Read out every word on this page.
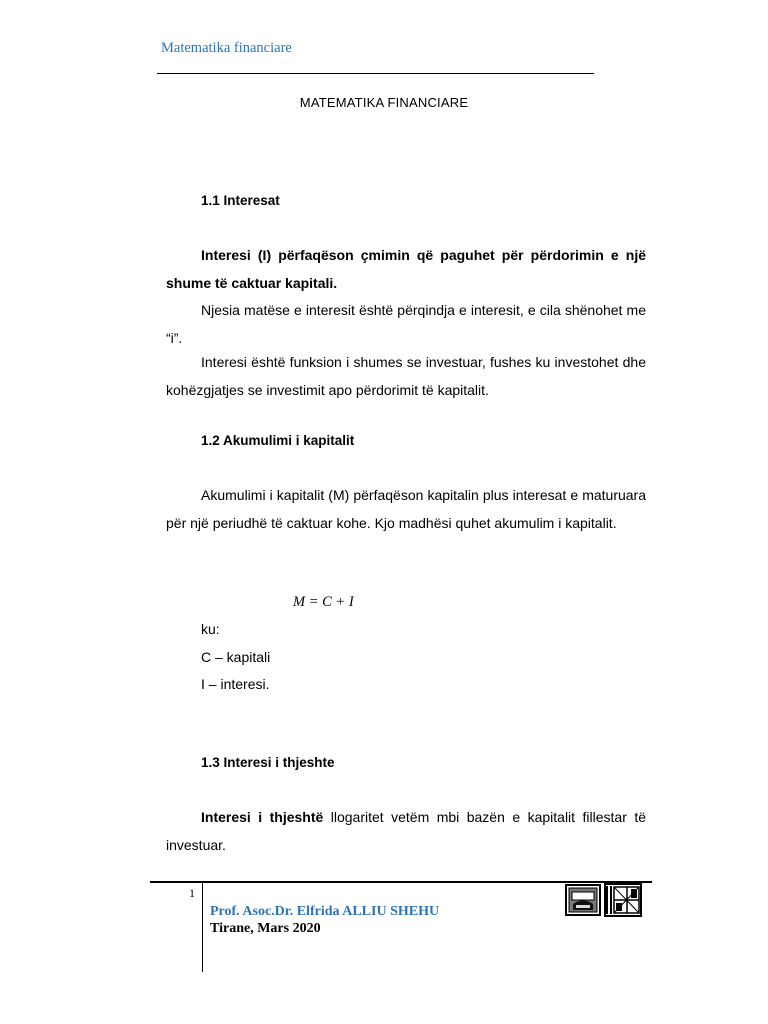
Matematika financiare
MATEMATIKA FINANCIARE
1.1 Interesat
Interesi (I) përfaqëson çmimin që paguhet për përdorimin e një shume të caktuar kapitali.
Njesia matëse e interesit është përqindja e interesit, e cila shënohet me “i”.
Interesi është funksion i shumes se investuar, fushes ku investohet dhe kohëzgjatjes se investimit apo përdorimit të kapitalit.
1.2 Akumulimi i kapitalit
Akumulimi i kapitalit (M) përfaqëson kapitalin plus interesat e maturuara për një periudhë të caktuar kohe. Kjo madhësi quhet akumulim i kapitalit.
M = C + I
ku:
C – kapitali
I – interesi.
1.3 Interesi i thjeshte
Interesi i thjeshtë llogaritet vetëm mbi bazën e kapitalit fillestar të investuar.
1
Prof. Asoc.Dr. Elfrida ALLIU SHEHU
Tirane, Mars 2020
